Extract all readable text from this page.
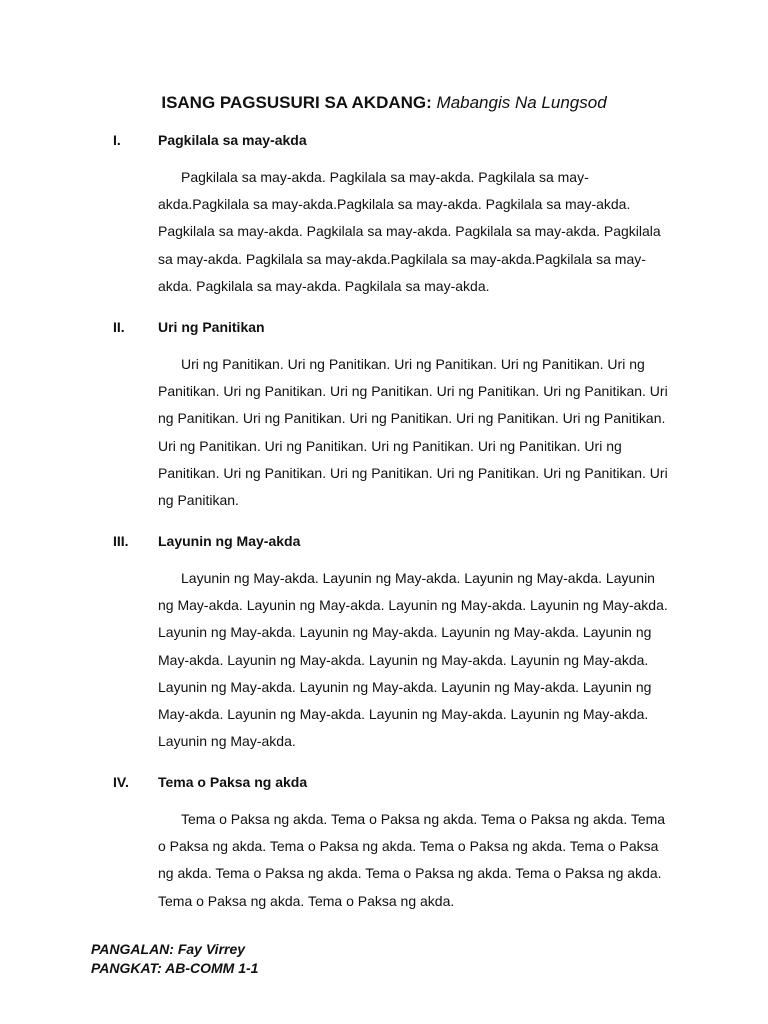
ISANG PAGSUSURI SA AKDANG: Mabangis Na Lungsod
I.	Pagkilala sa may-akda

Pagkilala sa may-akda. Pagkilala sa may-akda. Pagkilala sa may-akda.Pagkilala sa may-akda.Pagkilala sa may-akda. Pagkilala sa may-akda. Pagkilala sa may-akda. Pagkilala sa may-akda. Pagkilala sa may-akda. Pagkilala sa may-akda. Pagkilala sa may-akda.Pagkilala sa may-akda.Pagkilala sa may-akda. Pagkilala sa may-akda. Pagkilala sa may-akda.

II. Uri ng Panitikan

Uri ng Panitikan. Uri ng Panitikan. Uri ng Panitikan. Uri ng Panitikan. Uri ng Panitikan. Uri ng Panitikan. Uri ng Panitikan. Uri ng Panitikan. Uri ng Panitikan. Uri ng Panitikan. Uri ng Panitikan. Uri ng Panitikan. Uri ng Panitikan. Uri ng Panitikan. Uri ng Panitikan. Uri ng Panitikan. Uri ng Panitikan. Uri ng Panitikan. Uri ng Panitikan. Uri ng Panitikan. Uri ng Panitikan. Uri ng Panitikan. Uri ng Panitikan. Uri ng Panitikan.

III. Layunin ng May-akda

Layunin ng May-akda. Layunin ng May-akda. Layunin ng May-akda. Layunin ng May-akda. Layunin ng May-akda. Layunin ng May-akda. Layunin ng May-akda. Layunin ng May-akda. Layunin ng May-akda. Layunin ng May-akda. Layunin ng May-akda. Layunin ng May-akda. Layunin ng May-akda. Layunin ng May-akda. Layunin ng May-akda. Layunin ng May-akda. Layunin ng May-akda. Layunin ng May-akda. Layunin ng May-akda. Layunin ng May-akda. Layunin ng May-akda. Layunin ng May-akda.

IV. Tema o Paksa ng akda

Tema o Paksa ng akda. Tema o Paksa ng akda. Tema o Paksa ng akda. Tema o Paksa ng akda. Tema o Paksa ng akda. Tema o Paksa ng akda. Tema o Paksa ng akda. Tema o Paksa ng akda. Tema o Paksa ng akda. Tema o Paksa ng akda. Tema o Paksa ng akda. Tema o Paksa ng akda.

PANGALAN: Fay Virrey
PANGKAT: AB-COMM 1-1
